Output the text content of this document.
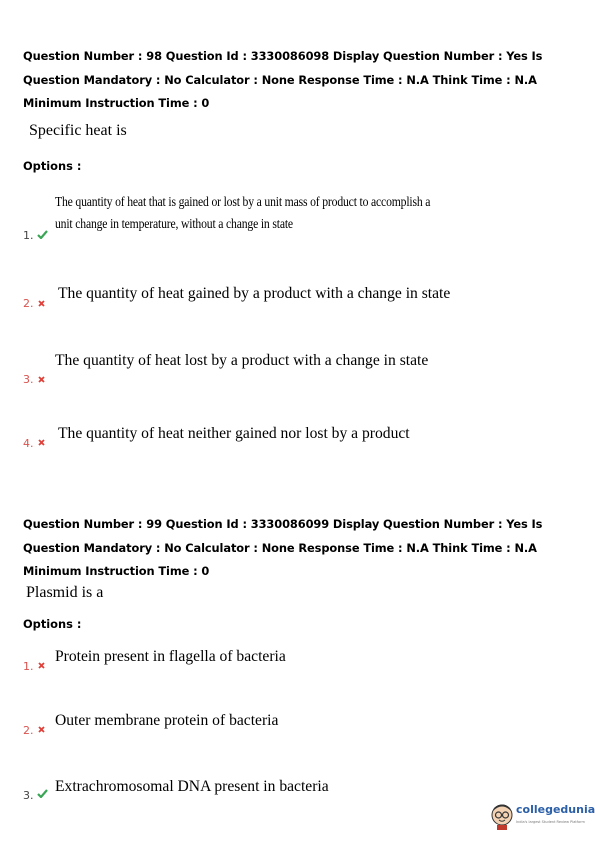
Question Number : 98 Question Id : 3330086098 Display Question Number : Yes Is Question Mandatory : No Calculator : None Response Time : N.A Think Time : N.A Minimum Instruction Time : 0
Specific heat is
Options :
The quantity of heat that is gained or lost by a unit mass of product to accomplish a unit change in temperature, without a change in state
1.
The quantity of heat gained by a product with a change in state
2.
The quantity of heat lost by a product with a change in state
3.
The quantity of heat neither gained nor lost by a product
4.
Question Number : 99 Question Id : 3330086099 Display Question Number : Yes Is Question Mandatory : No Calculator : None Response Time : N.A Think Time : N.A Minimum Instruction Time : 0
Plasmid is a
Options :
Protein present in flagella of bacteria
1.
Outer membrane protein of bacteria
2.
Extrachromosomal DNA present in bacteria
3.
collegedunia
India's largest Student Review Platform
